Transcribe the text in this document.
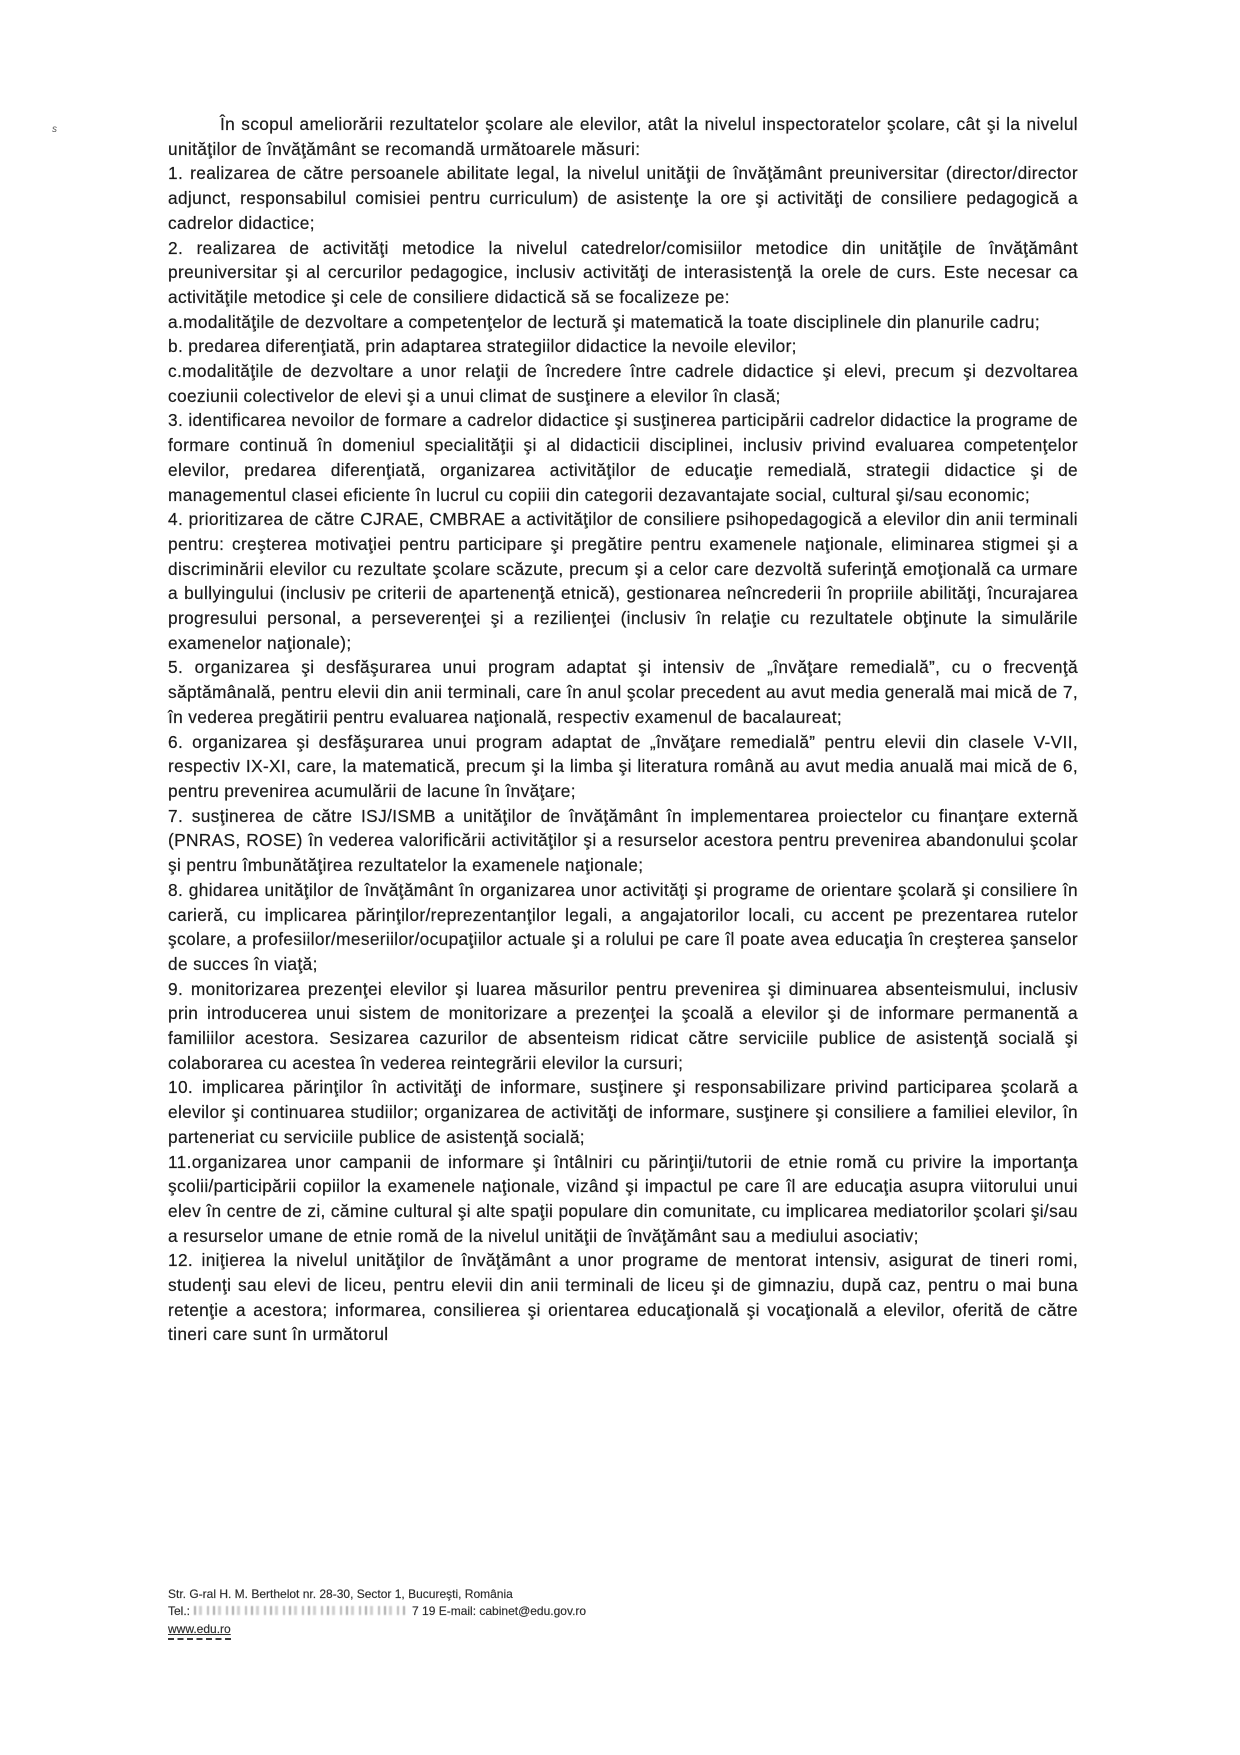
s	În scopul ameliorării rezultatelor şcolare ale elevilor, atât la nivelul inspectoratelor şcolare, cât şi la nivelul unităţilor de învăţământ se recomandă următoarele măsuri:

1. realizarea de către persoanele abilitate legal, la nivelul unităţii de învăţământ preuniversitar (director/director adjunct, responsabilul comisiei pentru curriculum) de asistenţe la ore şi activităţi de consiliere pedagogică a cadrelor didactice;

2. realizarea de activităţi metodice la nivelul catedrelor/comisiilor metodice din unităţile de învăţământ preuniversitar şi al cercurilor pedagogice, inclusiv activităţi de interasistenţă la orele de curs. Este necesar ca activităţile metodice şi cele de consiliere didactică să se focalizeze pe:

a.modalităţile de dezvoltare a competenţelor de lectură şi matematică la toate disciplinele din planurile cadru;

b. predarea diferenţiată, prin adaptarea strategiilor didactice la nevoile elevilor;

c.modalităţile de dezvoltare a unor relaţii de încredere între cadrele didactice şi elevi, precum şi dezvoltarea coeziunii colectivelor de elevi şi a unui climat de susţinere a elevilor în clasă;

3. identificarea nevoilor de formare a cadrelor didactice şi susţinerea participării cadrelor didactice la programe de formare continuă în domeniul specialităţii şi al didacticii disciplinei, inclusiv privind evaluarea competenţelor elevilor, predarea diferenţiată, organizarea activităţilor de educaţie remedială, strategii didactice şi de managementul clasei eficiente în lucrul cu copiii din categorii dezavantajate social, cultural şi/sau economic;

4. prioritizarea de către CJRAE, CMBRAE a activităţilor de consiliere psihopedagogică a elevilor din anii terminali pentru: creşterea motivaţiei pentru participare şi pregătire pentru examenele naţionale, eliminarea stigmei şi a discriminării elevilor cu rezultate şcolare scăzute, precum şi a celor care dezvoltă suferinţă emoţională ca urmare a bullyingului (inclusiv pe criterii de apartenenţă etnică), gestionarea neîncrederii în propriile abilităţi, încurajarea progresului personal, a perseverenţei şi a rezilienţei (inclusiv în relaţie cu rezultatele obţinute la simulările examenelor naţionale);

5. organizarea şi desfăşurarea unui program adaptat şi intensiv de „învăţare remedială”, cu o frecvenţă săptămânală, pentru elevii din anii terminali, care în anul şcolar precedent au avut media generală mai mică de 7, în vederea pregătirii pentru evaluarea naţională, respectiv examenul de bacalaureat;

6. organizarea şi desfăşurarea unui program adaptat de „învăţare remedială” pentru elevii din clasele V-VII, respectiv IX-XI, care, la matematică, precum şi la limba şi literatura română au avut media anuală mai mică de 6, pentru prevenirea acumulării de lacune în învăţare;

7. susţinerea de către ISJ/ISMB a unităţilor de învăţământ în implementarea proiectelor cu finanţare externă (PNRAS, ROSE) în vederea valorificării activităţilor şi a resurselor acestora pentru prevenirea abandonului şcolar şi pentru îmbunătăţirea rezultatelor la examenele naţionale;

8. ghidarea unităţilor de învăţământ în organizarea unor activităţi şi programe de orientare şcolară şi consiliere în carieră, cu implicarea părinţilor/reprezentanţilor legali, a angajatorilor locali, cu accent pe prezentarea rutelor şcolare, a profesiilor/meseriilor/ocupaţiilor actuale şi a rolului pe care îl poate avea educaţia în creşterea şanselor de succes în viaţă;

9. monitorizarea prezenţei elevilor şi luarea măsurilor pentru prevenirea şi diminuarea absenteismului, inclusiv prin introducerea unui sistem de monitorizare a prezenţei la şcoală a elevilor şi de informare permanentă a familiilor acestora. Sesizarea cazurilor de absenteism ridicat către serviciile publice de asistenţă socială şi colaborarea cu acestea în vederea reintegrării elevilor la cursuri;

10. implicarea părinţilor în activităţi de informare, susţinere şi responsabilizare privind participarea şcolară a elevilor şi continuarea studiilor; organizarea de activităţi de informare, susţinere şi consiliere a familiei elevilor, în parteneriat cu serviciile publice de asistenţă socială;

11.organizarea unor campanii de informare şi întâlniri cu părinţii/tutorii de etnie romă cu privire la importanţa şcolii/participării copiilor la examenele naţionale, vizând şi impactul pe care îl are educaţia asupra viitorului unui elev în centre de zi, cămine cultural şi alte spaţii populare din comunitate, cu implicarea mediatorilor şcolari şi/sau a resurselor umane de etnie romă de la nivelul unităţii de învăţământ sau a mediului asociativ;

12. iniţierea la nivelul unităţilor de învăţământ a unor programe de mentorat intensiv, asigurat de tineri romi, studenţi sau elevi de liceu, pentru elevii din anii terminali de liceu şi de gimnaziu, după caz, pentru o mai buna retenţie a acestora; informarea, consilierea şi orientarea educaţională şi vocaţională a elevilor, oferită de către tineri care sunt în următorul

Str. G-ral H. M. Berthelot nr. 28-30, Sector 1, Bucureşti, România
Tel.:	7 19 E-mail: cabinet@edu.gov.ro
www.edu.ro
